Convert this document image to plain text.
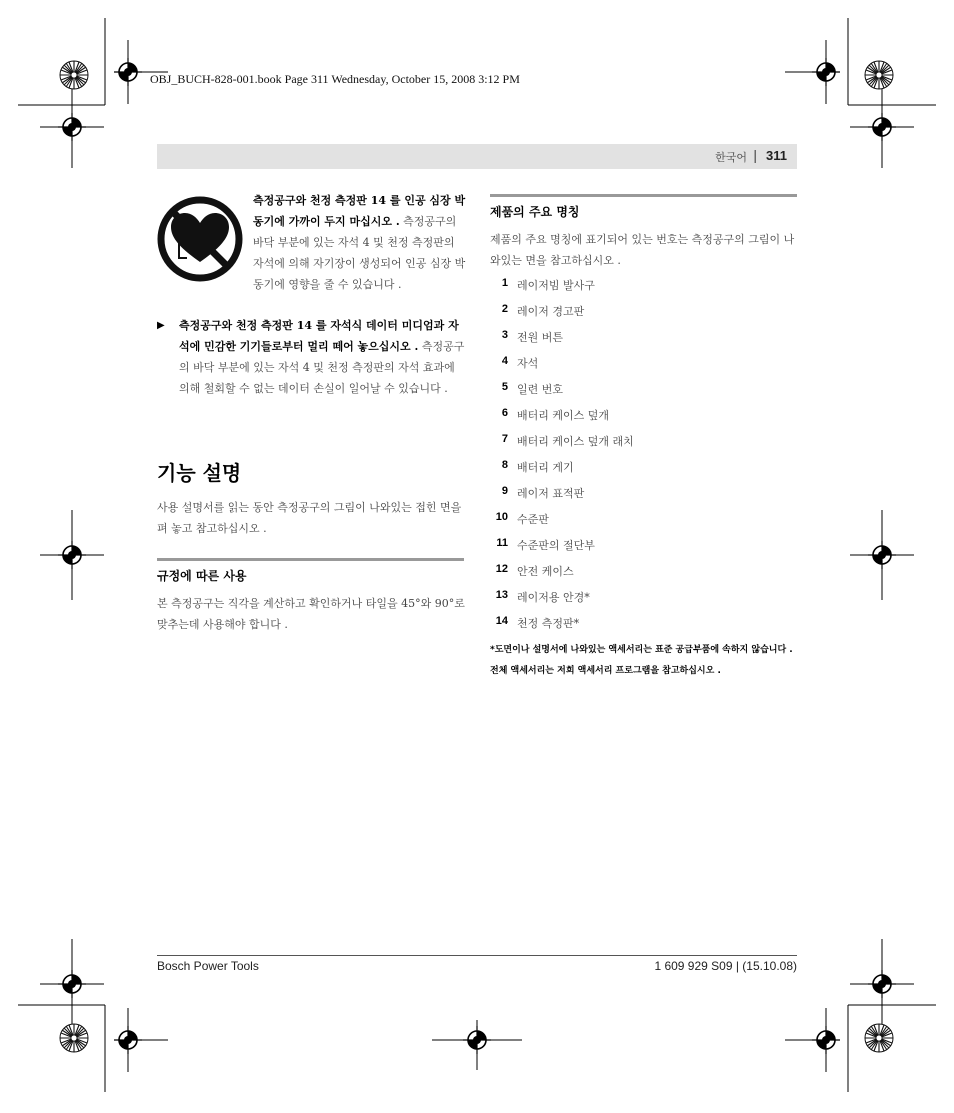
OBJ_BUCH-828-001.book Page 311 Wednesday, October 15, 2008 3:12 PM
한국어 | 311
측정공구와 천정 측정판 14 를 인공 심장 박동기에 가까이 두지 마십시오 . 측정공구의 바닥 부분에 있는 자석 4 및 천정 측정판의 자석에 의해 자기장이 생성되어 인공 심장 박동기에 영향을 줄 수 있습니다 .
▶ 측정공구와 천정 측정판 14 를 자석식 데이터 미디엄과 자석에 민감한 기기들로부터 멀리 떼어 놓으십시오 . 측정공구의 바닥 부분에 있는 자석 4 및 천정 측정판의 자석 효과에 의해 철회할 수 없는 데이터 손실이 일어날 수 있습니다 .
기능 설명
사용 설명서를 읽는 동안 측정공구의 그림이 나와있는 접힌 면을 펴 놓고 참고하십시오 .
규정에 따른 사용
본 측정공구는 직각을 계산하고 확인하거나 타일을 45°와 90°로 맞추는데 사용해야 합니다 .
제품의 주요 명칭
제품의 주요 명칭에 표기되어 있는 번호는 측정공구의 그림이 나와있는 면을 참고하십시오 .
1 레이저빔 발사구
2 레이저 경고판
3 전원 버튼
4 자석
5 일련 번호
6 배터리 케이스 덮개
7 배터리 케이스 덮개 래치
8 배터리 게기
9 레이저 표적판
10 수준판
11 수준판의 절단부
12 안전 케이스
13 레이저용 안경*
14 천정 측정판*
*도면이나 설명서에 나와있는 액세서리는 표준 공급부품에 속하지 않습니다 . 전체 액세서리는 저희 액세서리 프로그램을 참고하십시오 .
Bosch Power Tools	1 609 929 S09 | (15.10.08)
